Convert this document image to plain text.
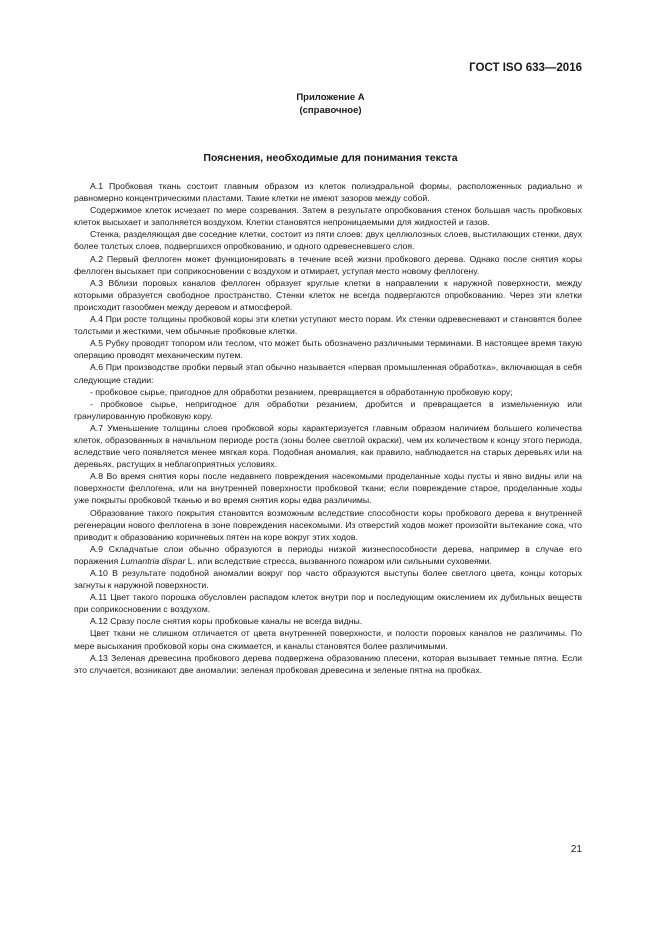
ГОСТ ISO 633—2016
Приложение А
(справочное)
Пояснения, необходимые для понимания текста

А.1 Пробковая ткань состоит главным образом из клеток полиэдральной формы, расположенных радиально и равномерно концентрическими пластами. Такие клетки не имеют зазоров между собой.

Содержимое клеток исчезает по мере созревания. Затем в результате опробкования стенок большая часть пробковых клеток высыхает и заполняется воздухом. Клетки становятся непроницаемыми для жидкостей и газов.

Стенка, разделяющая две соседние клетки, состоит из пяти слоев: двух целлюлозных слоев, выстилающих стенки, двух более толстых слоев, подвергшихся опробкованию, и одного одревесневшего слоя.

А.2 Первый феллоген может функционировать в течение всей жизни пробкового дерева. Однако после снятия коры феллоген высыхает при соприкосновении с воздухом и отмирает, уступая место новому феллогену.

А.3 Вблизи поровых каналов феллоген образует круглые клетки в направлении к наружной поверхности, между которыми образуется свободное пространство. Стенки клеток не всегда подвергаются опробкованию. Через эти клетки происходит газообмен между деревом и атмосферой.

А.4 При росте толщины пробковой коры эти клетки уступают место порам. Их стенки одревесневают и становятся более толстыми и жесткими, чем обычные пробковые клетки.

А.5 Рубку проводят топором или теслом, что может быть обозначено различными терминами. В настоящее время такую операцию проводят механическим путем.

А.6 При производстве пробки первый этап обычно называется «первая промышленная обработка», включающая в себя следующие стадии:

- пробковое сырье, пригодное для обработки резанием, превращается в обработанную пробковую кору;

- пробковое сырье, непригодное для обработки резанием, дробится и превращается в измельченную или гранулированную пробковую кору.

А.7 Уменьшение толщины слоев пробковой коры характеризуется главным образом наличием большего количества клеток, образованных в начальном периоде роста (зоны более светлой окраски), чем их количеством к концу этого периода, вследствие чего появляется менее мягкая кора. Подобная аномалия, как правило, наблюдается на старых деревьях или на деревьях, растущих в неблагоприятных условиях.

А.8 Во время снятия коры после недавнего повреждения насекомыми проделанные ходы пусты и явно видны или на поверхности феллогена, или на внутренней поверхности пробковой ткани; если повреждение старое, проделанные ходы уже покрыты пробковой тканью и во время снятия коры едва различимы.

Образование такого покрытия становится возможным вследствие способности коры пробкового дерева к внутренней регенерации нового феллогена в зоне повреждения насекомыми. Из отверстий ходов может произойти вытекание сока, что приводит к образованию коричневых пятен на коре вокруг этих ходов.

А.9 Складчатые слои обычно образуются в периоды низкой жизнеспособности дерева, например в случае его поражения Lumantria dispar L. или вследствие стресса, вызванного пожаром или сильными суховеями.

А.10 В результате подобной аномалии вокруг пор часто образуются выступы более светлого цвета, концы которых загнуты к наружной поверхности.

А.11 Цвет такого порошка обусловлен распадом клеток внутри пор и последующим окислением их дубильных веществ при соприкосновении с воздухом.

А.12 Сразу после снятия коры пробковые каналы не всегда видны.

Цвет ткани не слишком отличается от цвета внутренней поверхности, и полости поровых каналов не различимы. По мере высыхания пробковой коры она сжимается, и каналы становятся более различимыми.

А.13 Зеленая древесина пробкового дерева подвержена образованию плесени, которая вызывает темные пятна. Если это случается, возникают две аномалии: зеленая пробковая древесина и зеленые пятна на пробках.

21
